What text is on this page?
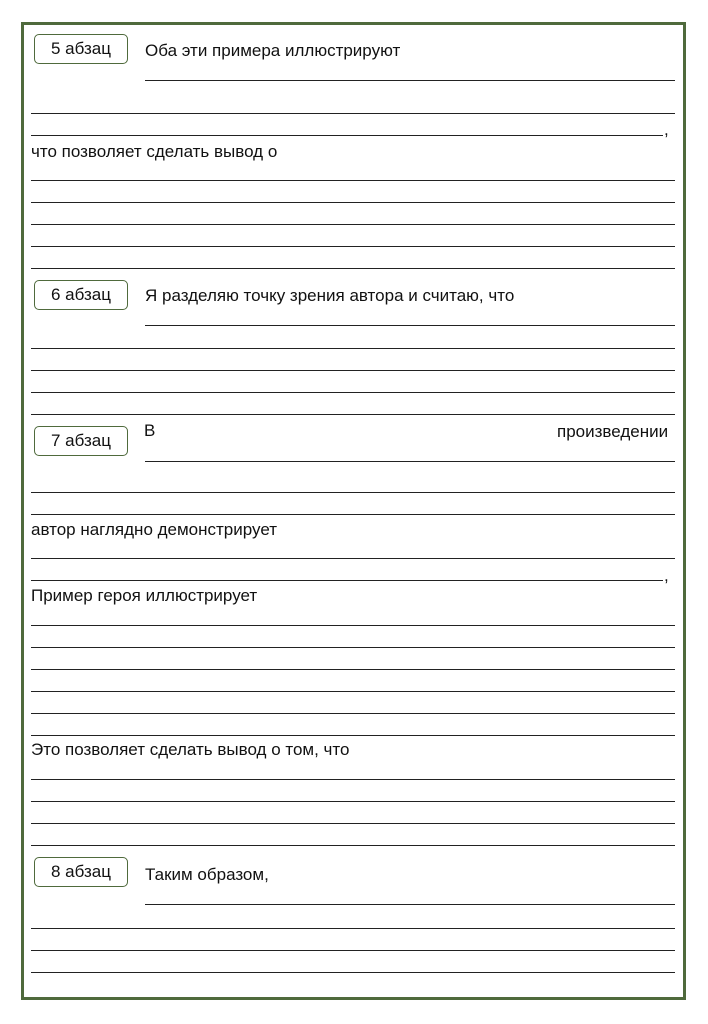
5 абзац	Оба эти примера иллюстрируют
,
что позволяет сделать вывод о
6 абзац	Я разделяю точку зрения автора и считаю, что
7 абзац
В	произведении
автор наглядно демонстрирует
,
Пример героя иллюстрирует
Это позволяет сделать вывод о том, что
8 абзац	Таким образом,
